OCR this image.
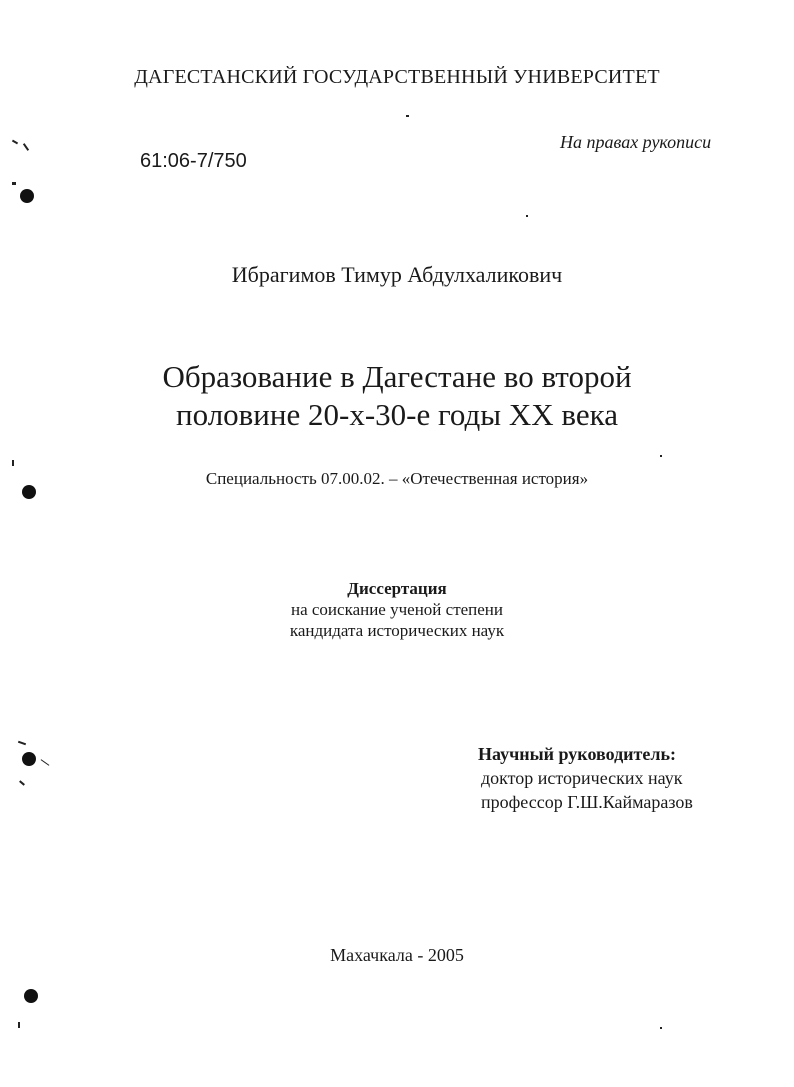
ДАГЕСТАНСКИЙ ГОСУДАРСТВЕННЫЙ УНИВЕРСИТЕТ
На правах рукописи
61:06-7/750
Ибрагимов Тимур Абдулхаликович
Образование в Дагестане во второй
половине 20-х-30-е годы XX века
Специальность 07.00.02. – «Отечественная история»
Диссертация
на соискание ученой степени
кандидата исторических наук
Научный руководитель:
доктор исторических наук
профессор Г.Ш.Каймаразов
Махачкала - 2005
